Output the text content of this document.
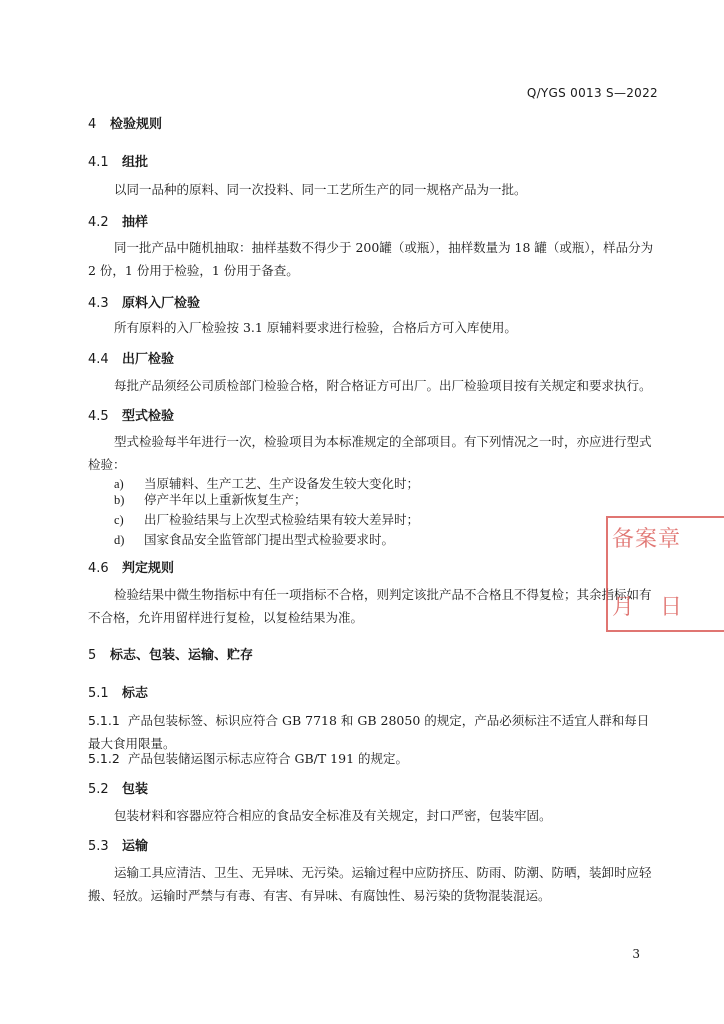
Q/YGS 0013 S—2022
4 检验规则
4.1 组批
以同一品种的原料、同一次投料、同一工艺所生产的同一规格产品为一批。
4.2 抽样
同一批产品中随机抽取：抽样基数不得少于 200罐（或瓶），抽样数量为 18 罐（或瓶），样品分为 2 份，1 份用于检验，1 份用于备查。
4.3 原料入厂检验
所有原料的入厂检验按 3.1 原辅料要求进行检验，合格后方可入库使用。
4.4 出厂检验
每批产品须经公司质检部门检验合格，附合格证方可出厂。出厂检验项目按有关规定和要求执行。
4.5 型式检验
型式检验每半年进行一次，检验项目为本标准规定的全部项目。有下列情况之一时，亦应进行型式检验：
a) 当原辅料、生产工艺、生产设备发生较大变化时；
b) 停产半年以上重新恢复生产；
c) 出厂检验结果与上次型式检验结果有较大差异时；
d) 国家食品安全监管部门提出型式检验要求时。
4.6 判定规则
检验结果中微生物指标中有任一项指标不合格，则判定该批产品不合格且不得复检；其余指标如有不合格，允许用留样进行复检，以复检结果为准。
5 标志、包装、运输、贮存
5.1 标志
5.1.1 产品包装标签、标识应符合 GB 7718 和 GB 28050 的规定，产品必须标注不适宜人群和每日最大食用限量。
5.1.2 产品包装储运图示标志应符合 GB/T 191 的规定。
5.2 包装
包装材料和容器应符合相应的食品安全标准及有关规定，封口严密，包装牢固。
5.3 运输
运输工具应清洁、卫生、无异味、无污染。运输过程中应防挤压、防雨、防潮、防晒，装卸时应轻搬、轻放。运输时严禁与有毒、有害、有异味、有腐蚀性、易污染的货物混装混运。
备案章
月 日
3
